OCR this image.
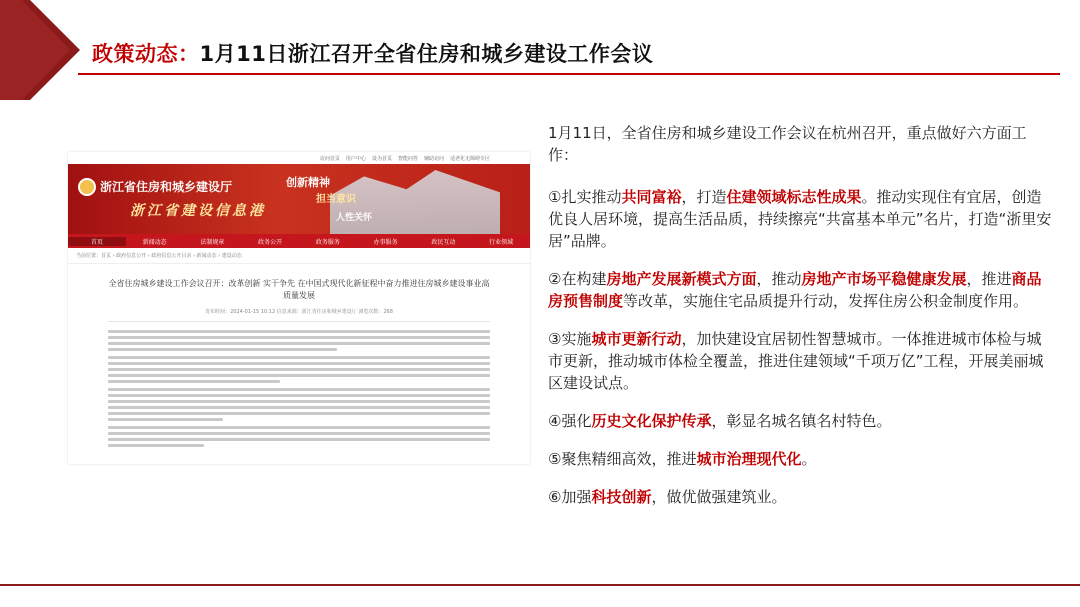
政策动态：1月11日浙江召开全省住房和城乡建设工作会议
访问首页 用户中心 设为首页 智能问答 辅助访问 适老化无障碍专区
浙江省住房和城乡建设厅
浙江省建设信息港
创新精神
担当意识
人性关怀
首页	新闻动态	法制规章	政务公开	政务服务	办事服务	政民互动	行业领域
当前位置：首页 › 政府信息公开 › 政府信息公开目录 › 新闻动态 › 建设动态
全省住房城乡建设工作会议召开：改革创新 实干争先 在中国式现代化新征程中奋力推进住房城乡建设事业高质量发展
发布时间：2024-01-15 10:12 信息来源：浙江省住房和城乡建设厅 浏览次数：268

1月11日，全省住房和城乡建设工作会议在杭州召开，重点做好六方面工作：

①扎实推动共同富裕，打造住建领域标志性成果。推动实现住有宜居，创造优良人居环境，提高生活品质，持续擦亮“共富基本单元”名片，打造“浙里安居”品牌。

②在构建房地产发展新模式方面，推动房地产市场平稳健康发展，推进商品房预售制度等改革，实施住宅品质提升行动，发挥住房公积金制度作用。

③实施城市更新行动，加快建设宜居韧性智慧城市。一体推进城市体检与城市更新，推动城市体检全覆盖，推进住建领域“千项万亿”工程，开展美丽城区建设试点。

④强化历史文化保护传承，彰显名城名镇名村特色。

⑤聚焦精细高效，推进城市治理现代化。

⑥加强科技创新，做优做强建筑业。
